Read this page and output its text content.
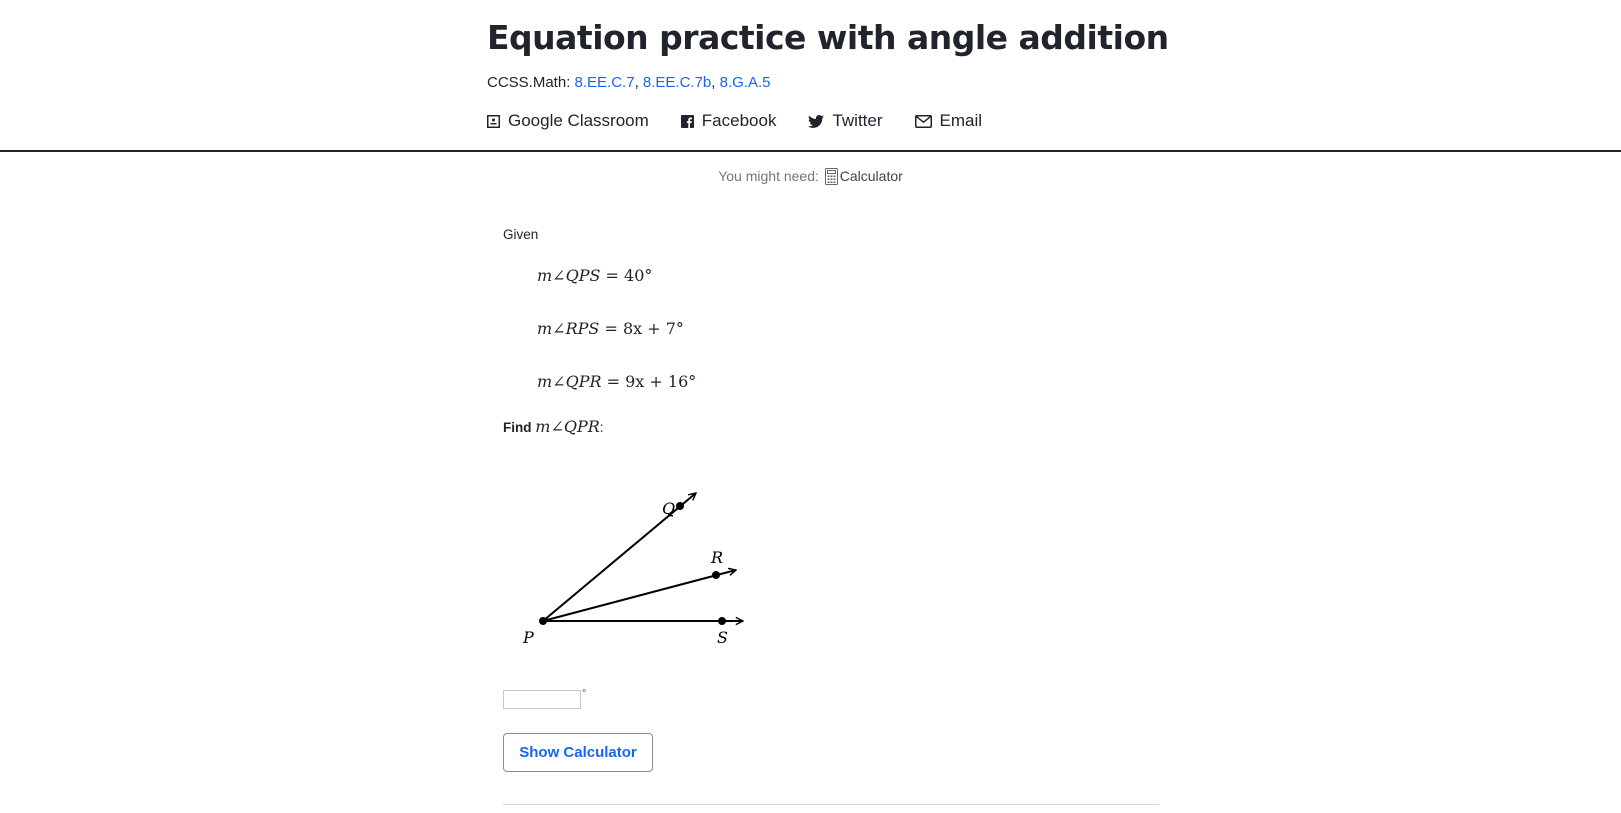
Equation practice with angle addition
CCSS.Math: 8.EE.C.7, 8.EE.C.7b, 8.G.A.5
Google Classroom	Facebook	Twitter	Email
You might need: Calculator
Given
m∠QPS = 40°
m∠RPS = 8x + 7°
m∠QPR = 9x + 16°
Find m∠QPR:
Q
R
P	S
°
Show Calculator
